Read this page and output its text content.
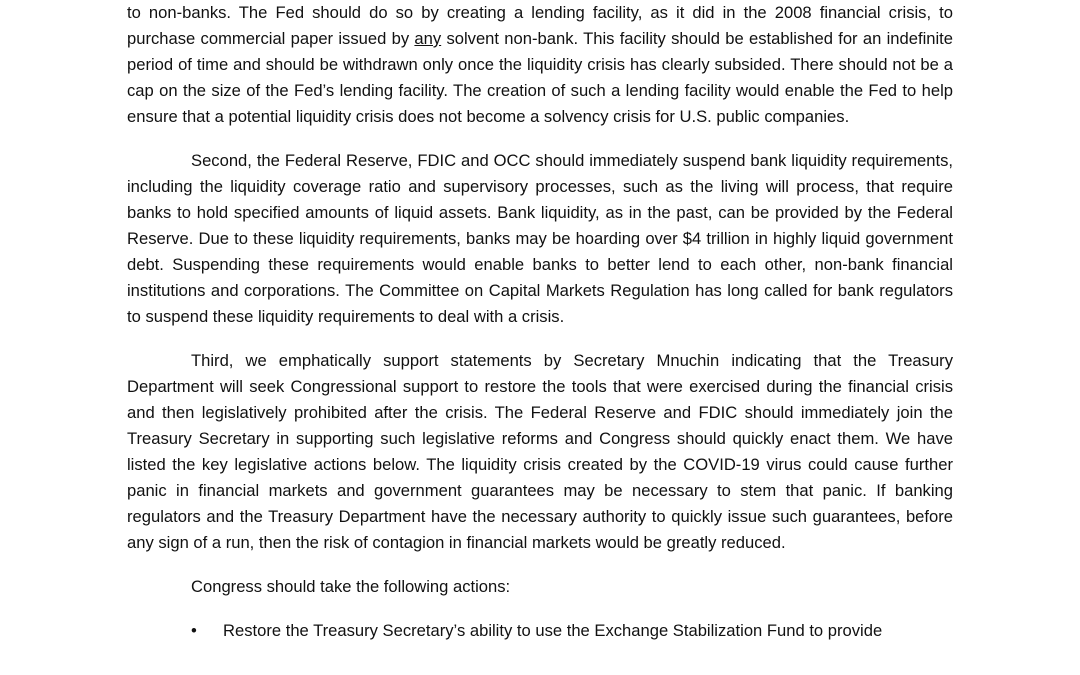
to non-banks. The Fed should do so by creating a lending facility, as it did in the 2008 financial crisis, to purchase commercial paper issued by any solvent non-bank. This facility should be established for an indefinite period of time and should be withdrawn only once the liquidity crisis has clearly subsided. There should not be a cap on the size of the Fed’s lending facility. The creation of such a lending facility would enable the Fed to help ensure that a potential liquidity crisis does not become a solvency crisis for U.S. public companies.

Second, the Federal Reserve, FDIC and OCC should immediately suspend bank liquidity requirements, including the liquidity coverage ratio and supervisory processes, such as the living will process, that require banks to hold specified amounts of liquid assets. Bank liquidity, as in the past, can be provided by the Federal Reserve. Due to these liquidity requirements, banks may be hoarding over $4 trillion in highly liquid government debt. Suspending these requirements would enable banks to better lend to each other, non-bank financial institutions and corporations. The Committee on Capital Markets Regulation has long called for bank regulators to suspend these liquidity requirements to deal with a crisis.

Third, we emphatically support statements by Secretary Mnuchin indicating that the Treasury Department will seek Congressional support to restore the tools that were exercised during the financial crisis and then legislatively prohibited after the crisis. The Federal Reserve and FDIC should immediately join the Treasury Secretary in supporting such legislative reforms and Congress should quickly enact them. We have listed the key legislative actions below. The liquidity crisis created by the COVID-19 virus could cause further panic in financial markets and government guarantees may be necessary to stem that panic. If banking regulators and the Treasury Department have the necessary authority to quickly issue such guarantees, before any sign of a run, then the risk of contagion in financial markets would be greatly reduced.

Congress should take the following actions:

• Restore the Treasury Secretary’s ability to use the Exchange Stabilization Fund to provide
